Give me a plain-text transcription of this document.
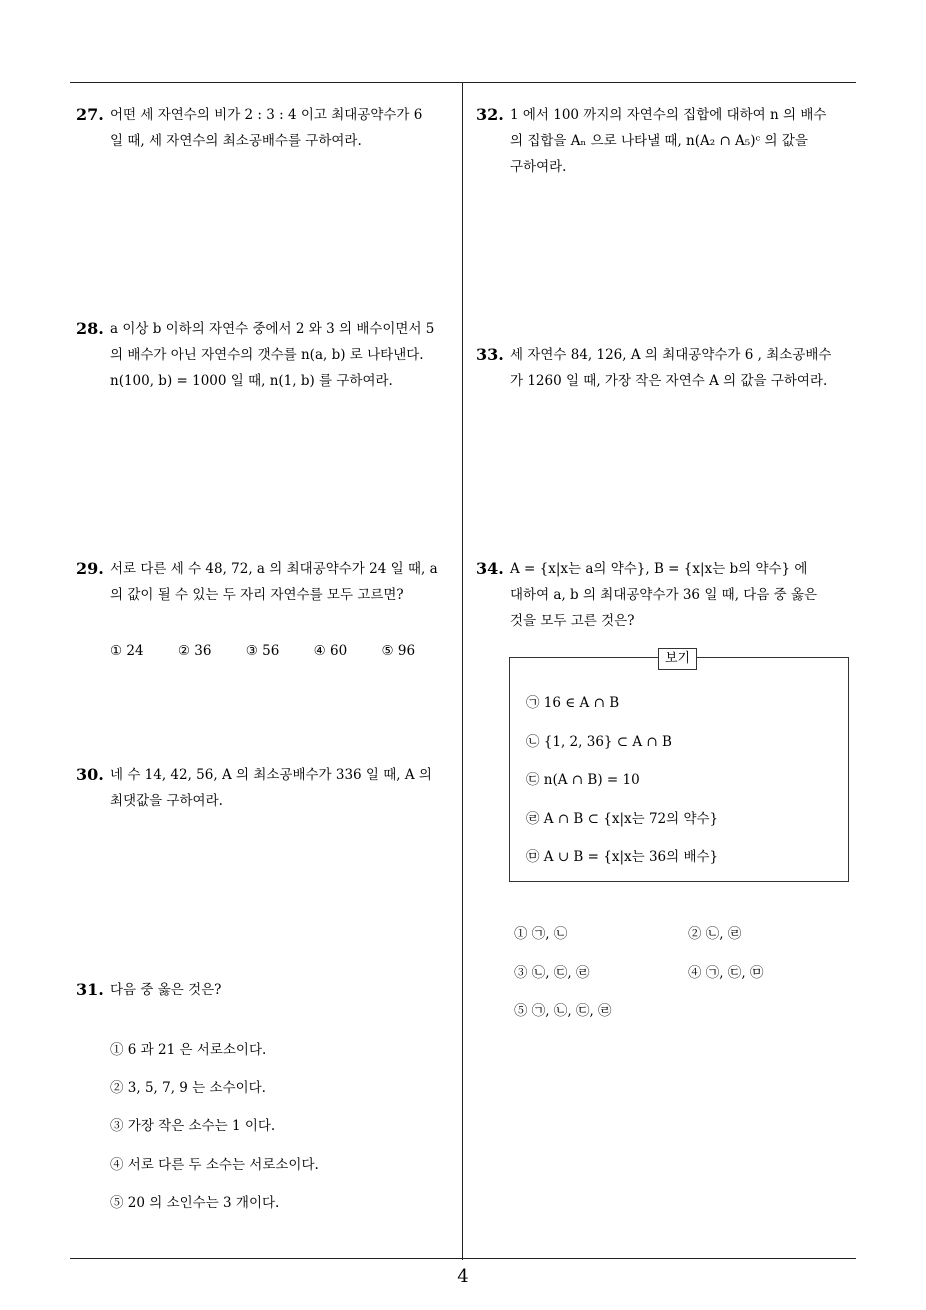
27. 어떤 세 자연수의 비가 2 : 3 : 4 이고 최대공약수가 6
일 때, 세 자연수의 최소공배수를 구하여라.
28. a 이상 b 이하의 자연수 중에서 2 와 3 의 배수이면서 5
의 배수가 아닌 자연수의 갯수를 n(a, b) 로 나타낸다.
n(100, b) = 1000 일 때, n(1, b) 를 구하여라.
29. 서로 다른 세 수 48, 72, a 의 최대공약수가 24 일 때, a
의 값이 될 수 있는 두 자리 자연수를 모두 고르면?
① 24	② 36	③ 56	④ 60	⑤ 96
30. 네 수 14, 42, 56, A 의 최소공배수가 336 일 때, A 의
최댓값을 구하여라.
31. 다음 중 옳은 것은?
① 6 과 21 은 서로소이다.
② 3, 5, 7, 9 는 소수이다.
③ 가장 작은 소수는 1 이다.
④ 서로 다른 두 소수는 서로소이다.
⑤ 20 의 소인수는 3 개이다.
32. 1 에서 100 까지의 자연수의 집합에 대하여 n 의 배수
의 집합을 Aₙ 으로 나타낼 때, n(A₂ ∩ A₅)ᶜ 의 값을
구하여라.
33. 세 자연수 84, 126, A 의 최대공약수가 6 , 최소공배수
가 1260 일 때, 가장 작은 자연수 A 의 값을 구하여라.
34. A = {x|x는 a의 약수}, B = {x|x는 b의 약수} 에
대하여 a, b 의 최대공약수가 36 일 때, 다음 중 옳은
것을 모두 고른 것은?
보기
㉠ 16 ∈ A ∩ B
㉡ {1, 2, 36} ⊂ A ∩ B
㉢ n(A ∩ B) = 10
㉣ A ∩ B ⊂ {x|x는 72의 약수}
㉤ A ∪ B = {x|x는 36의 배수}
① ㉠, ㉡	② ㉡, ㉣
③ ㉡, ㉢, ㉣	④ ㉠, ㉢, ㉤
⑤ ㉠, ㉡, ㉢, ㉣
4
